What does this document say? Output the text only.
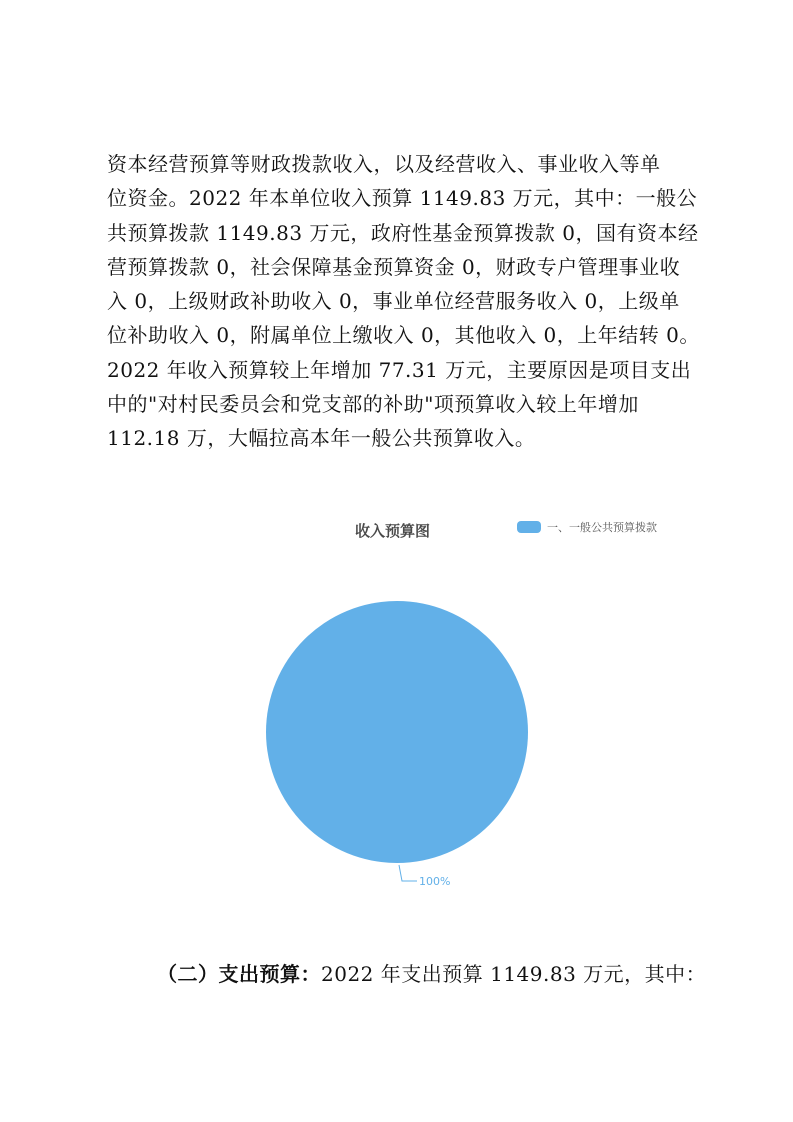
资本经营预算等财政拨款收入，以及经营收入、事业收入等单
位资金。2022 年本单位收入预算 1149.83 万元，其中：一般公
共预算拨款 1149.83 万元，政府性基金预算拨款 0，国有资本经
营预算拨款 0，社会保障基金预算资金 0，财政专户管理事业收
入 0，上级财政补助收入 0，事业单位经营服务收入 0，上级单
位补助收入 0，附属单位上缴收入 0，其他收入 0，上年结转 0。
2022 年收入预算较上年增加 77.31 万元，主要原因是项目支出
中的"对村民委员会和党支部的补助"项预算收入较上年增加
112.18 万，大幅拉高本年一般公共预算收入。
收入预算图	一、一般公共预算拨款
100%
（二）支出预算：2022 年支出预算 1149.83 万元，其中：
